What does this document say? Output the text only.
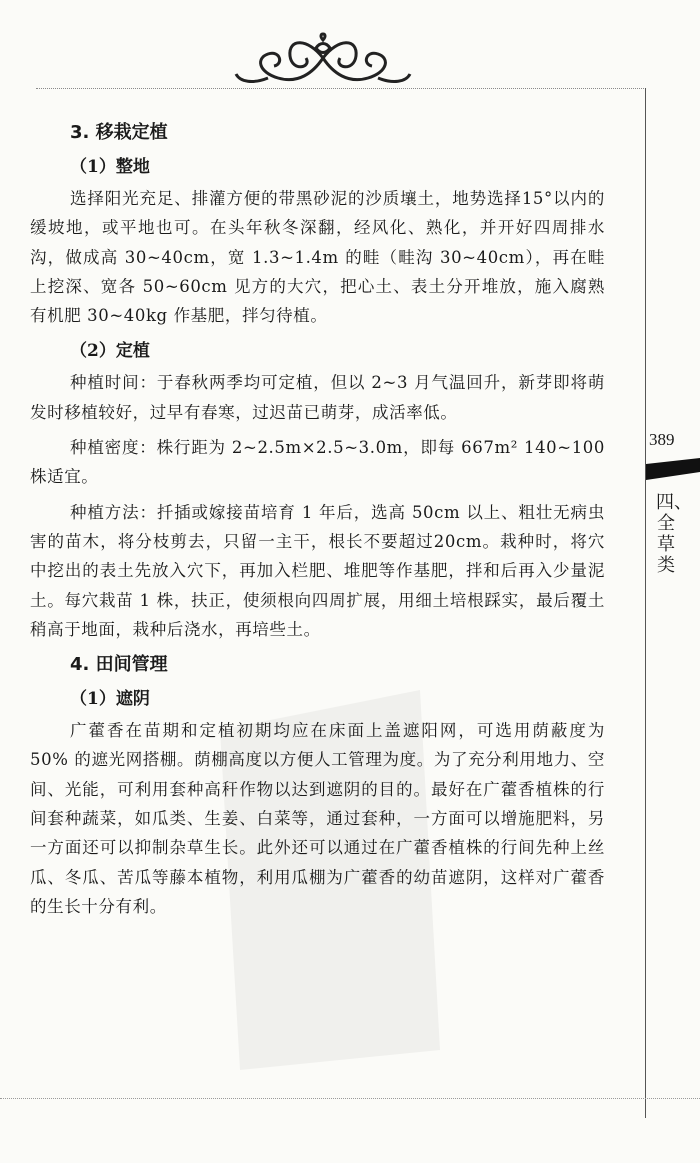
389
四、全草类
3. 移栽定植
（1）整地

选择阳光充足、排灌方便的带黑砂泥的沙质壤土，地势选择15°以内的缓坡地，或平地也可。在头年秋冬深翻，经风化、熟化，并开好四周排水沟，做成高 30~40cm，宽 1.3~1.4m 的畦（畦沟 30~40cm），再在畦上挖深、宽各 50~60cm 见方的大穴，把心土、表土分开堆放，施入腐熟有机肥 30~40kg 作基肥，拌匀待植。

（2）定植

种植时间：于春秋两季均可定植，但以 2~3 月气温回升，新芽即将萌发时移植较好，过早有春寒，过迟苗已萌芽，成活率低。

种植密度：株行距为 2~2.5m×2.5~3.0m，即每 667m² 140~100 株适宜。

种植方法：扦插或嫁接苗培育 1 年后，选高 50cm 以上、粗壮无病虫害的苗木，将分枝剪去，只留一主干，根长不要超过20cm。栽种时，将穴中挖出的表土先放入穴下，再加入栏肥、堆肥等作基肥，拌和后再入少量泥土。每穴栽苗 1 株，扶正，使须根向四周扩展，用细土培根踩实，最后覆土稍高于地面，栽种后浇水，再培些土。

4. 田间管理
（1）遮阴

广藿香在苗期和定植初期均应在床面上盖遮阳网，可选用荫蔽度为 50% 的遮光网搭棚。荫棚高度以方便人工管理为度。为了充分利用地力、空间、光能，可利用套种高秆作物以达到遮阴的目的。最好在广藿香植株的行间套种蔬菜，如瓜类、生姜、白菜等，通过套种，一方面可以增施肥料，另一方面还可以抑制杂草生长。此外还可以通过在广藿香植株的行间先种上丝瓜、冬瓜、苦瓜等藤本植物，利用瓜棚为广藿香的幼苗遮阴，这样对广藿香的生长十分有利。
